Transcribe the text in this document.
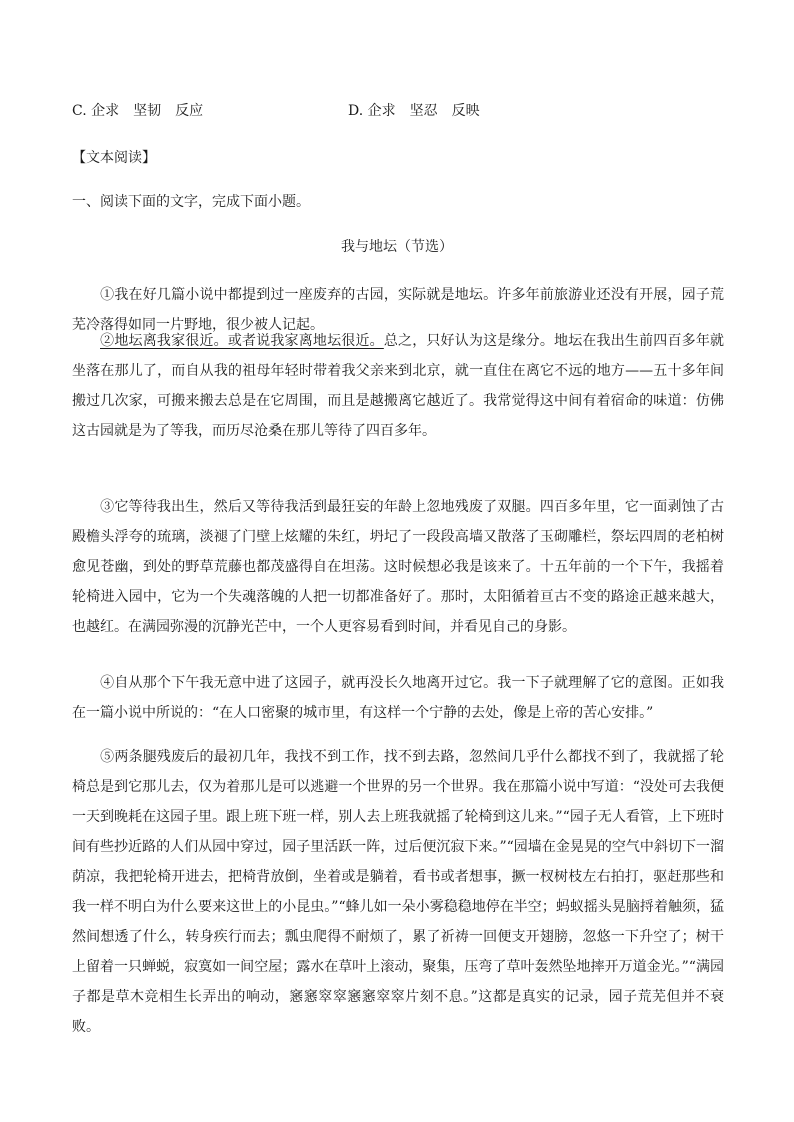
C. 企求　坚韧　反应	D. 企求　坚忍　反映
【文本阅读】
一、阅读下面的文字，完成下面小题。
我与地坛（节选）
①我在好几篇小说中都提到过一座废弃的古园，实际就是地坛。许多年前旅游业还没有开展，园子荒芜冷落得如同一片野地，很少被人记起。
②地坛离我家很近。或者说我家离地坛很近。总之，只好认为这是缘分。地坛在我出生前四百多年就坐落在那儿了，而自从我的祖母年轻时带着我父亲来到北京，就一直住在离它不远的地方——五十多年间搬过几次家，可搬来搬去总是在它周围，而且是越搬离它越近了。我常觉得这中间有着宿命的味道：仿佛这古园就是为了等我，而历尽沧桑在那儿等待了四百多年。
③它等待我出生，然后又等待我活到最狂妄的年龄上忽地残废了双腿。四百多年里，它一面剥蚀了古殿檐头浮夸的琉璃，淡褪了门壁上炫耀的朱红，坍圮了一段段高墙又散落了玉砌雕栏，祭坛四周的老柏树愈见苍幽，到处的野草荒藤也都茂盛得自在坦荡。这时候想必我是该来了。十五年前的一个下午，我摇着轮椅进入园中，它为一个失魂落魄的人把一切都准备好了。那时，太阳循着亘古不变的路途正越来越大，也越红。在满园弥漫的沉静光芒中，一个人更容易看到时间，并看见自己的身影。
④自从那个下午我无意中进了这园子，就再没长久地离开过它。我一下子就理解了它的意图。正如我在一篇小说中所说的：“在人口密聚的城市里，有这样一个宁静的去处，像是上帝的苦心安排。”
⑤两条腿残废后的最初几年，我找不到工作，找不到去路，忽然间几乎什么都找不到了，我就摇了轮椅总是到它那儿去，仅为着那儿是可以逃避一个世界的另一个世界。我在那篇小说中写道：“没处可去我便一天到晚耗在这园子里。跟上班下班一样，别人去上班我就摇了轮椅到这儿来。”“园子无人看管，上下班时间有些抄近路的人们从园中穿过，园子里活跃一阵，过后便沉寂下来。”“园墙在金晃晃的空气中斜切下一溜荫凉，我把轮椅开进去，把椅背放倒，坐着或是躺着，看书或者想事，撅一杈树枝左右拍打，驱赶那些和我一样不明白为什么要来这世上的小昆虫。”“蜂儿如一朵小雾稳稳地停在半空；蚂蚁摇头晃脑捋着触须，猛然间想透了什么，转身疾行而去；瓢虫爬得不耐烦了，累了祈祷一回便支开翅膀，忽悠一下升空了；树干上留着一只蝉蜕，寂寞如一间空屋；露水在草叶上滚动，聚集，压弯了草叶轰然坠地摔开万道金光。”“满园子都是草木竞相生长弄出的响动，窸窸窣窣窸窸窣窣片刻不息。”这都是真实的记录，园子荒芜但并不衰败。
